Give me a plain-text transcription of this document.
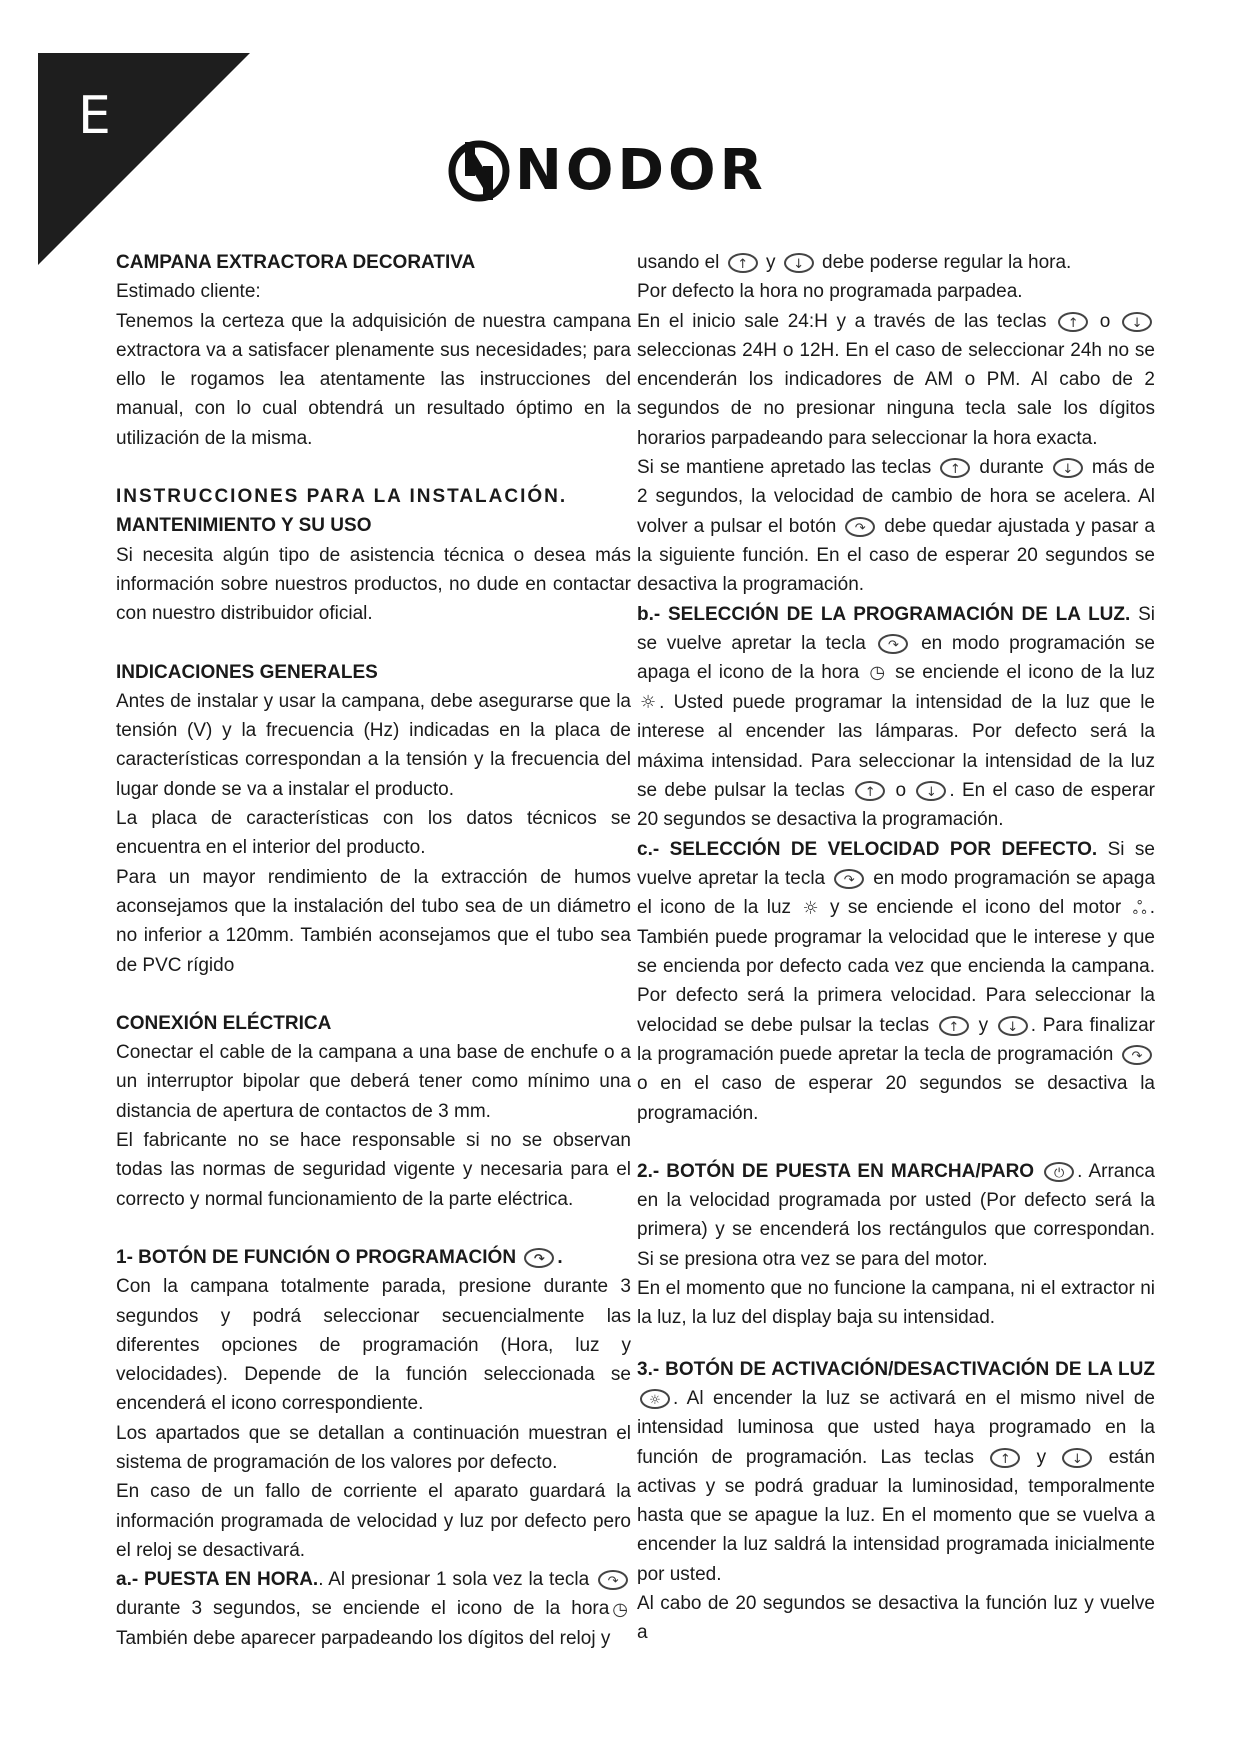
E
NODOR

CAMPANA EXTRACTORA DECORATIVA

Estimado cliente:

Tenemos la certeza que la adquisición de nuestra campana extractora va a satisfacer plenamente sus necesidades; para ello le rogamos lea atentamente las instrucciones del manual, con lo cual obtendrá un resultado óptimo en la utilización de la misma.

INSTRUCCIONES PARA LA INSTALACIÓN.

MANTENIMIENTO Y SU USO

Si necesita algún tipo de asistencia técnica o desea más información sobre nuestros productos, no dude en contactar con nuestro distribuidor oficial.

INDICACIONES GENERALES

Antes de instalar y usar la campana, debe asegurarse que la tensión (V) y la frecuencia (Hz) indicadas en la placa de características correspondan a la tensión y la frecuencia del lugar donde se va a instalar el producto.

La placa de características con los datos técnicos se encuentra en el interior del producto.

Para un mayor rendimiento de la extracción de humos aconsejamos que la instalación del tubo sea de un diámetro no inferior a 120mm. También aconsejamos que el tubo sea de PVC rígido

CONEXIÓN ELÉCTRICA

Conectar el cable de la campana a una base de enchufe o a un interruptor bipolar que deberá tener como mínimo una distancia de apertura de contactos de 3 mm.

El fabricante no se hace responsable si no se observan todas las normas de seguridad vigente y necesaria para el correcto y normal funcionamiento de la parte eléctrica.

1- BOTÓN DE FUNCIÓN O PROGRAMACIÓN ↷ .

Con la campana totalmente parada, presione durante 3 segundos y podrá seleccionar secuencialmente las diferentes opciones de programación (Hora, luz y velocidades). Depende de la función seleccionada se encenderá el icono correspondiente.

Los apartados que se detallan a continuación muestran el sistema de programación de los valores por defecto.

En caso de un fallo de corriente el aparato guardará la información programada de velocidad y luz por defecto pero el reloj se desactivará.

a.- PUESTA EN HORA.. Al presionar 1 sola vez la tecla ↷ durante 3 segundos, se enciende el icono de la hora ◷ También debe aparecer parpadeando los dígitos del reloj y

usando el ↑ y ↓ debe poderse regular la hora.

Por defecto la hora no programada parpadea.

En el inicio sale 24:H y a través de las teclas ↑ o ↓ seleccionas 24H o 12H. En el caso de seleccionar 24h no se encenderán los indicadores de AM o PM. Al cabo de 2 segundos de no presionar ninguna tecla sale los dígitos horarios parpadeando para seleccionar la hora exacta.

Si se mantiene apretado las teclas ↑ durante ↓ más de 2 segundos, la velocidad de cambio de hora se acelera. Al volver a pulsar el botón ↷ debe quedar ajustada y pasar a la siguiente función. En el caso de esperar 20 segundos se desactiva la programación.

b.- SELECCIÓN DE LA PROGRAMACIÓN DE LA LUZ. Si se vuelve apretar la tecla ↷ en modo programación se apaga el icono de la hora ◷ se enciende el icono de la luz ☼ . Usted puede programar la intensidad de la luz que le interese al encender las lámparas. Por defecto será la máxima intensidad. Para seleccionar la intensidad de la luz se debe pulsar la teclas ↑ o ↓ . En el caso de esperar 20 segundos se desactiva la programación.

c.- SELECCIÓN DE VELOCIDAD POR DEFECTO. Si se vuelve apretar la tecla ↷ en modo programación se apaga el icono de la luz ☼ y se enciende el icono del motor ஃ . También puede programar la velocidad que le interese y que se encienda por defecto cada vez que encienda la campana. Por defecto será la primera velocidad. Para seleccionar la velocidad se debe pulsar la teclas ↑ y ↓ . Para finalizar la programación puede apretar la tecla de programación ↷ o en el caso de esperar 20 segundos se desactiva la programación.

2.- BOTÓN DE PUESTA EN MARCHA/PARO ⏻ . Arranca en la velocidad programada por usted (Por defecto será la primera) y se encenderá los rectángulos que correspondan. Si se presiona otra vez se para del motor.

En el momento que no funcione la campana, ni el extractor ni la luz, la luz del display baja su intensidad.

3.- BOTÓN DE ACTIVACIÓN/DESACTIVACIÓN DE LA LUZ ☼ . Al encender la luz se activará en el mismo nivel de intensidad luminosa que usted haya programado en la función de programación. Las teclas ↑ y ↓ están activas y se podrá graduar la luminosidad, temporalmente hasta que se apague la luz. En el momento que se vuelva a encender la luz saldrá la intensidad programada inicialmente por usted.

Al cabo de 20 segundos se desactiva la función luz y vuelve a
